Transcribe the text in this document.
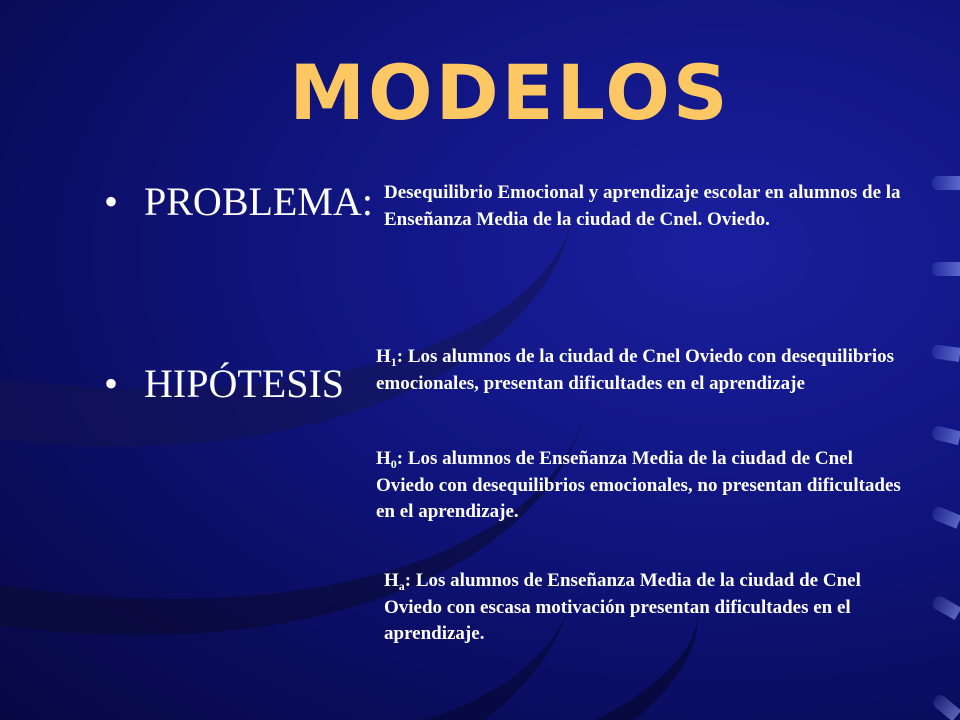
MODELOS
• PROBLEMA: Desequilibrio Emocional y aprendizaje escolar en alumnos de la Enseñanza Media de la ciudad de Cnel. Oviedo.
• HIPÓTESIS
$H_1$: Los alumnos de la ciudad de Cnel Oviedo con desequilibrios emocionales, presentan dificultades en el aprendizaje
$H_0$: Los alumnos de Enseñanza Media de la ciudad de Cnel Oviedo con desequilibrios emocionales, no presentan dificultades en el aprendizaje.
$H_a$: Los alumnos de Enseñanza Media de la ciudad de Cnel Oviedo con escasa motivación presentan dificultades en el aprendizaje.
